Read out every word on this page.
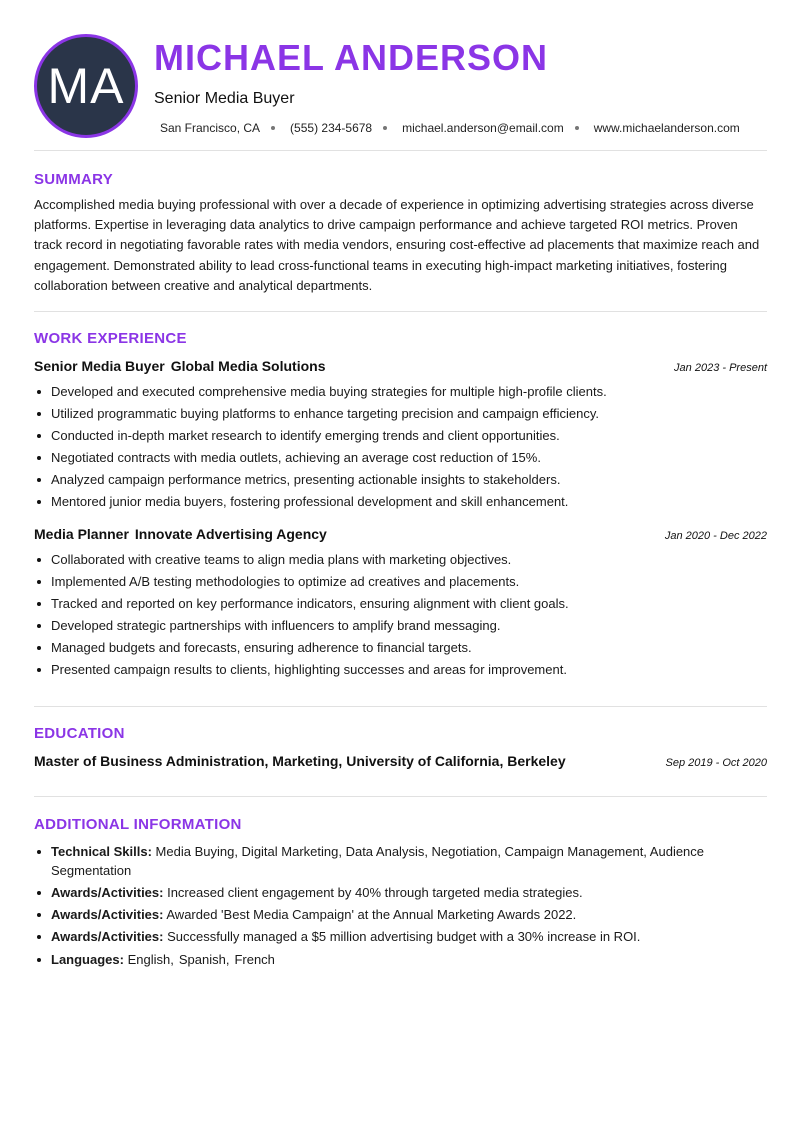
MA
MICHAEL ANDERSON
Senior Media Buyer
San Francisco, CA	(555) 234-5678	michael.anderson@email.com	www.michaelanderson.com
SUMMARY
Accomplished media buying professional with over a decade of experience in optimizing advertising strategies across diverse platforms. Expertise in leveraging data analytics to drive campaign performance and achieve targeted ROI metrics. Proven track record in negotiating favorable rates with media vendors, ensuring cost-effective ad placements that maximize reach and engagement. Demonstrated ability to lead cross-functional teams in executing high-impact marketing initiatives, fostering collaboration between creative and analytical departments.
WORK EXPERIENCE
Senior Media Buyer Global Media Solutions	Jan 2023 - Present
Developed and executed comprehensive media buying strategies for multiple high-profile clients.
Utilized programmatic buying platforms to enhance targeting precision and campaign efficiency.
Conducted in-depth market research to identify emerging trends and client opportunities.
Negotiated contracts with media outlets, achieving an average cost reduction of 15%.
Analyzed campaign performance metrics, presenting actionable insights to stakeholders.
Mentored junior media buyers, fostering professional development and skill enhancement.
Media Planner Innovate Advertising Agency	Jan 2020 - Dec 2022
Collaborated with creative teams to align media plans with marketing objectives.
Implemented A/B testing methodologies to optimize ad creatives and placements.
Tracked and reported on key performance indicators, ensuring alignment with client goals.
Developed strategic partnerships with influencers to amplify brand messaging.
Managed budgets and forecasts, ensuring adherence to financial targets.
Presented campaign results to clients, highlighting successes and areas for improvement.
EDUCATION
Master of Business Administration, Marketing, University of California, Berkeley	Sep 2019 - Oct 2020
ADDITIONAL INFORMATION
Technical Skills: Media Buying, Digital Marketing, Data Analysis, Negotiation, Campaign Management, Audience Segmentation
Awards/Activities: Increased client engagement by 40% through targeted media strategies.
Awards/Activities: Awarded 'Best Media Campaign' at the Annual Marketing Awards 2022.
Awards/Activities: Successfully managed a $5 million advertising budget with a 30% increase in ROI.
Languages: English, Spanish, French
